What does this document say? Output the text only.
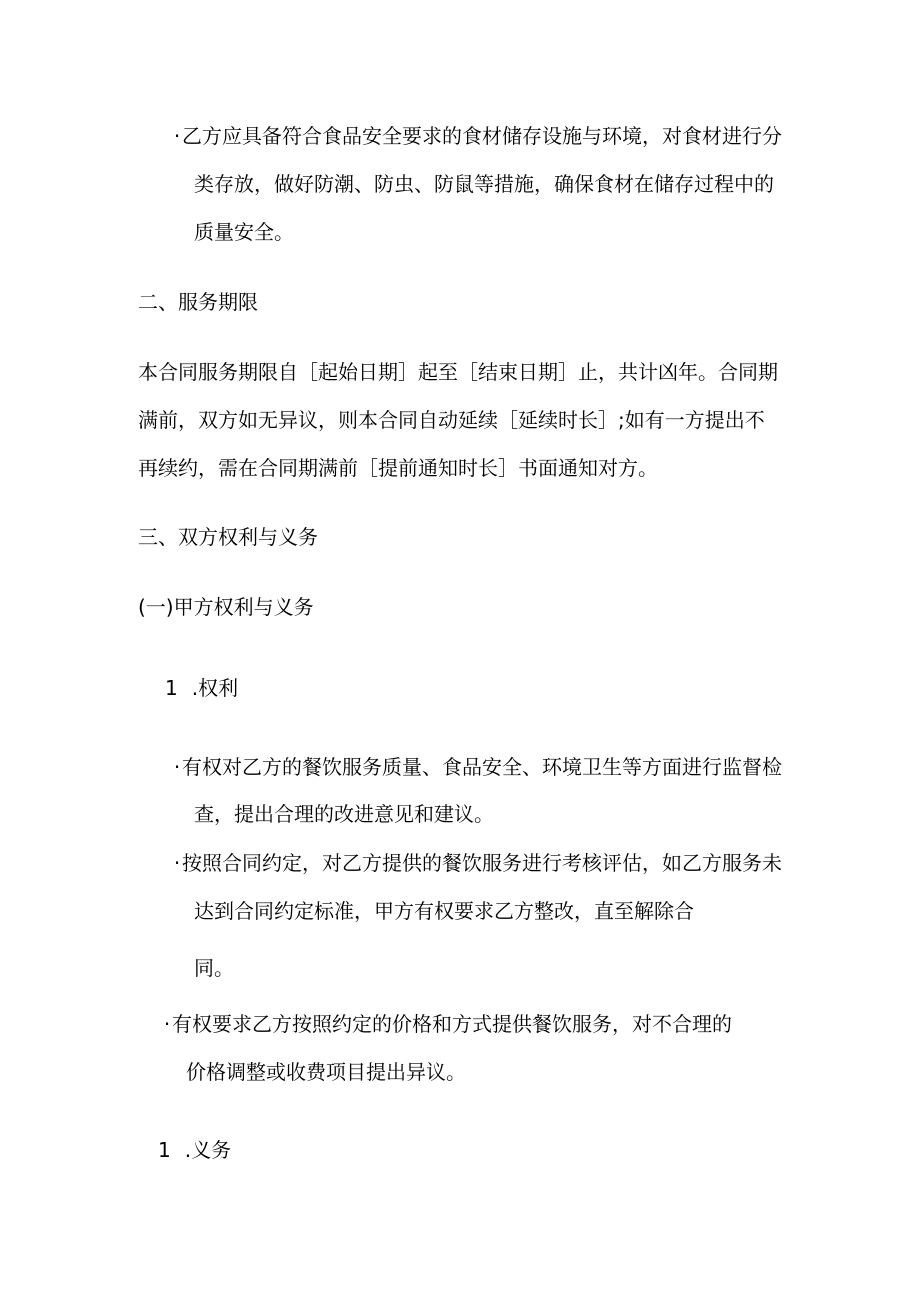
·乙方应具备符合食品安全要求的食材储存设施与环境，对食材进行分
类存放，做好防潮、防虫、防鼠等措施，确保食材在储存过程中的
质量安全。
二、服务期限
本合同服务期限自［起始日期］起至［结束日期］止，共计凶年。合同期
满前，双方如无异议，则本合同自动延续［延续时长］;如有一方提出不
再续约，需在合同期满前［提前通知时长］书面通知对方。
三、双方权利与义务
(一)甲方权利与义务
1 .权利
·有权对乙方的餐饮服务质量、食品安全、环境卫生等方面进行监督检
查，提出合理的改进意见和建议。
·按照合同约定，对乙方提供的餐饮服务进行考核评估，如乙方服务未
达到合同约定标准，甲方有权要求乙方整改，直至解除合
同。
·有权要求乙方按照约定的价格和方式提供餐饮服务，对不合理的
价格调整或收费项目提出异议。
1 .义务
